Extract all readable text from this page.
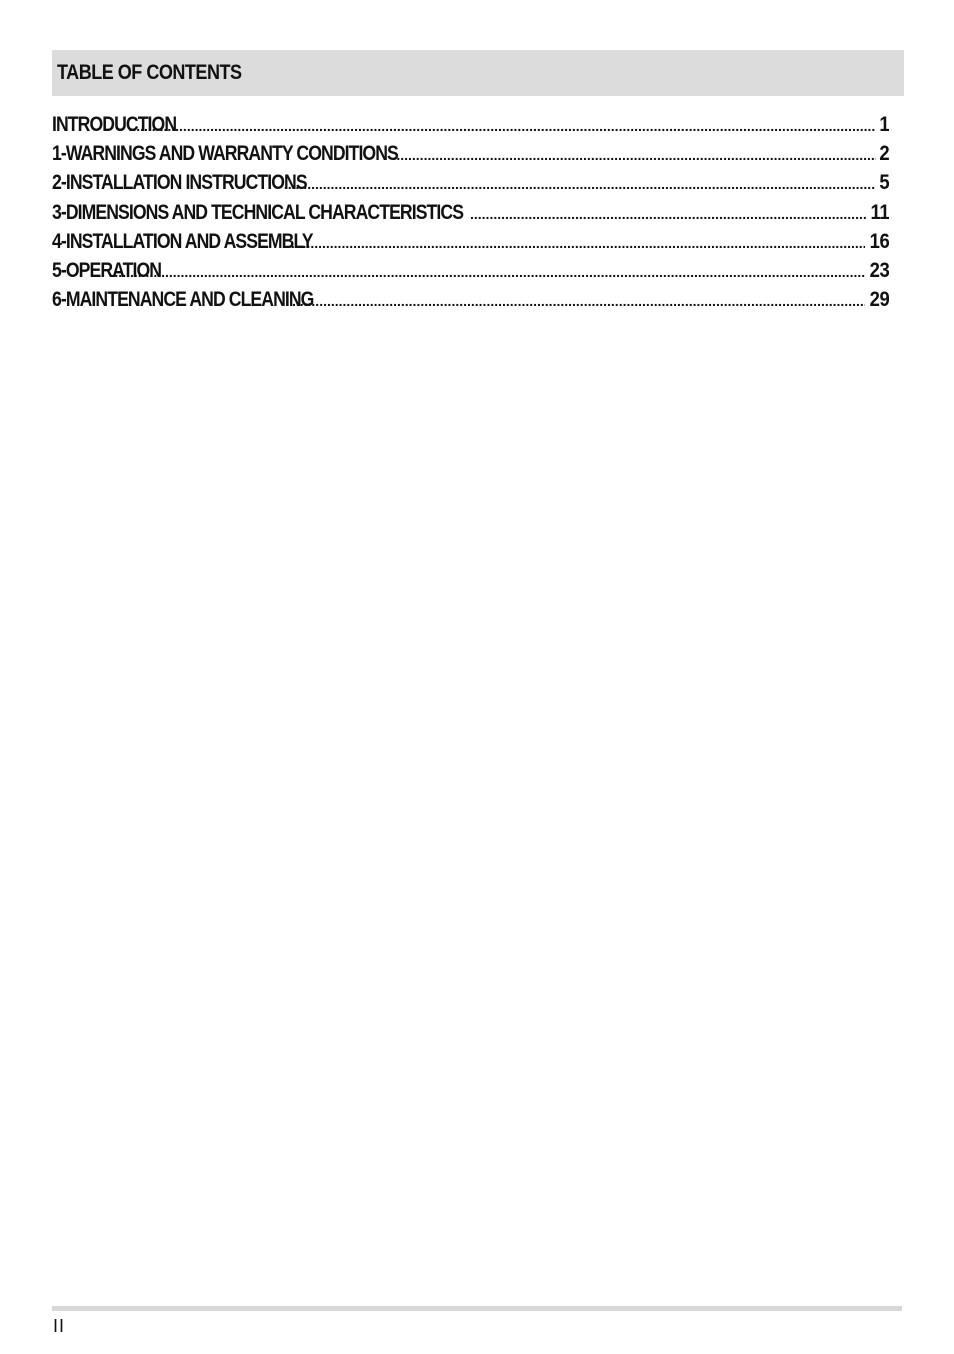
TABLE OF CONTENTS
INTRODUCTION .....	1
1-WARNINGS AND WARRANTY CONDITIONS .....	2
2-INSTALLATION INSTRUCTIONS .....	5
3-DIMENSIONS AND TECHNICAL CHARACTERISTICS .....	11
4-INSTALLATION AND ASSEMBLY .....	16
5-OPERATION .....	23
6-MAINTENANCE AND CLEANING .....	29
II
